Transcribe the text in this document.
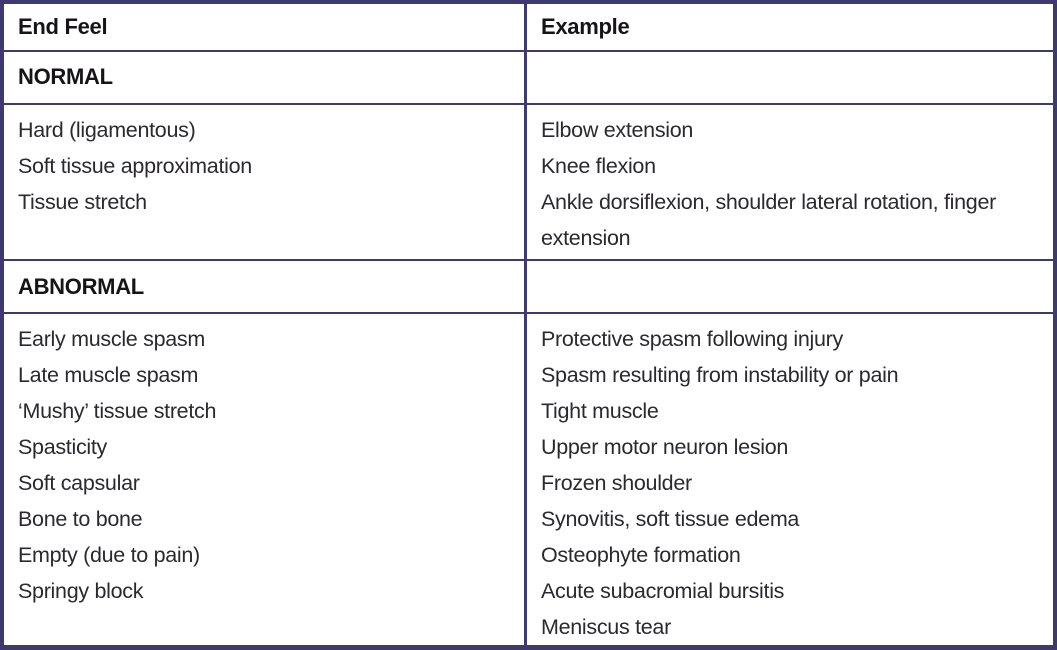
End Feel	Example
NORMAL
Hard (ligamentous)
Soft tissue approximation
Tissue stretch
Elbow extension
Knee flexion
Ankle dorsiflexion, shoulder lateral rotation, finger extension
ABNORMAL
Early muscle spasm
Late muscle spasm
‘Mushy’ tissue stretch
Spasticity
Soft capsular
Bone to bone
Empty (due to pain)
Springy block
Protective spasm following injury
Spasm resulting from instability or pain
Tight muscle
Upper motor neuron lesion
Frozen shoulder
Synovitis, soft tissue edema
Osteophyte formation
Acute subacromial bursitis
Meniscus tear
